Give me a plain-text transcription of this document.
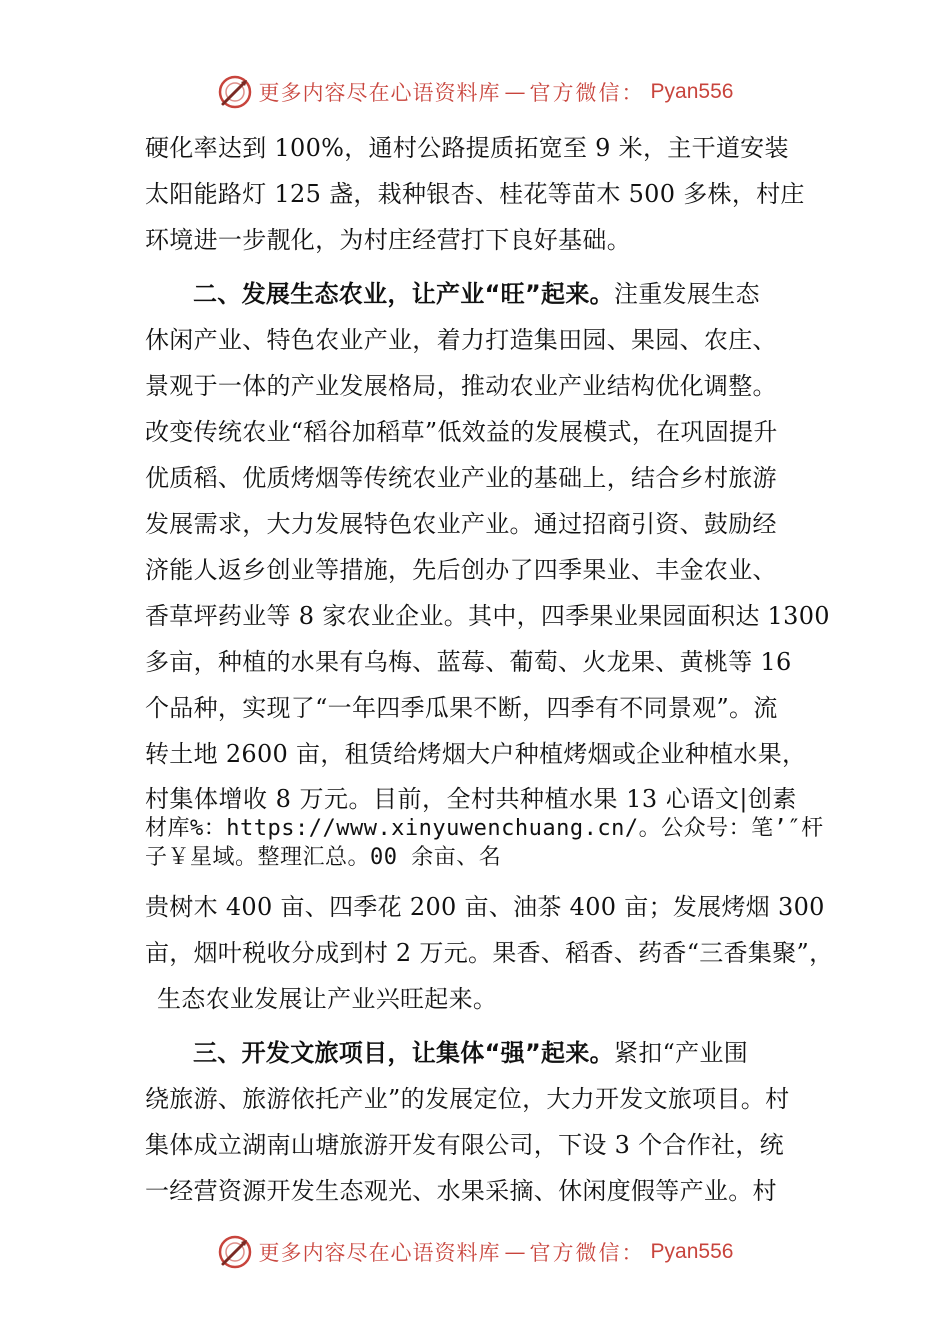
更多内容尽在心语资料库 — 官方微信： Pyan556
硬化率达到 100%，通村公路提质拓宽至 9 米，主干道安装
太阳能路灯 125 盏，栽种银杏、桂花等苗木 500 多株，村庄
环境进一步靓化，为村庄经营打下良好基础。
二、发展生态农业，让产业“旺”起来。注重发展生态
休闲产业、特色农业产业，着力打造集田园、果园、农庄、
景观于一体的产业发展格局，推动农业产业结构优化调整。
改变传统农业“稻谷加稻草”低效益的发展模式，在巩固提升
优质稻、优质烤烟等传统农业产业的基础上，结合乡村旅游
发展需求，大力发展特色农业产业。通过招商引资、鼓励经
济能人返乡创业等措施，先后创办了四季果业、丰金农业、
香草坪药业等 8 家农业企业。其中，四季果业果园面积达 1300
多亩，种植的水果有乌梅、蓝莓、葡萄、火龙果、黄桃等 16
个品种，实现了“一年四季瓜果不断，四季有不同景观”。流
转土地 2600 亩，租赁给烤烟大户种植烤烟或企业种植水果，
村集体增收 8 万元。目前，全村共种植水果 13 心语文|创素
材库%：https://www.xinyuwenchuang.cn/。公众号：笔’″杆
子￥星域。整理汇总。00 余亩、名
贵树木 400 亩、四季花 200 亩、油茶 400 亩；发展烤烟 300
亩，烟叶税收分成到村 2 万元。果香、稻香、药香“三香集聚”，
生态农业发展让产业兴旺起来。
三、开发文旅项目，让集体“强”起来。紧扣“产业围
绕旅游、旅游依托产业”的发展定位，大力开发文旅项目。村
集体成立湖南山塘旅游开发有限公司，下设 3 个合作社，统
一经营资源开发生态观光、水果采摘、休闲度假等产业。村
更多内容尽在心语资料库 — 官方微信： Pyan556
